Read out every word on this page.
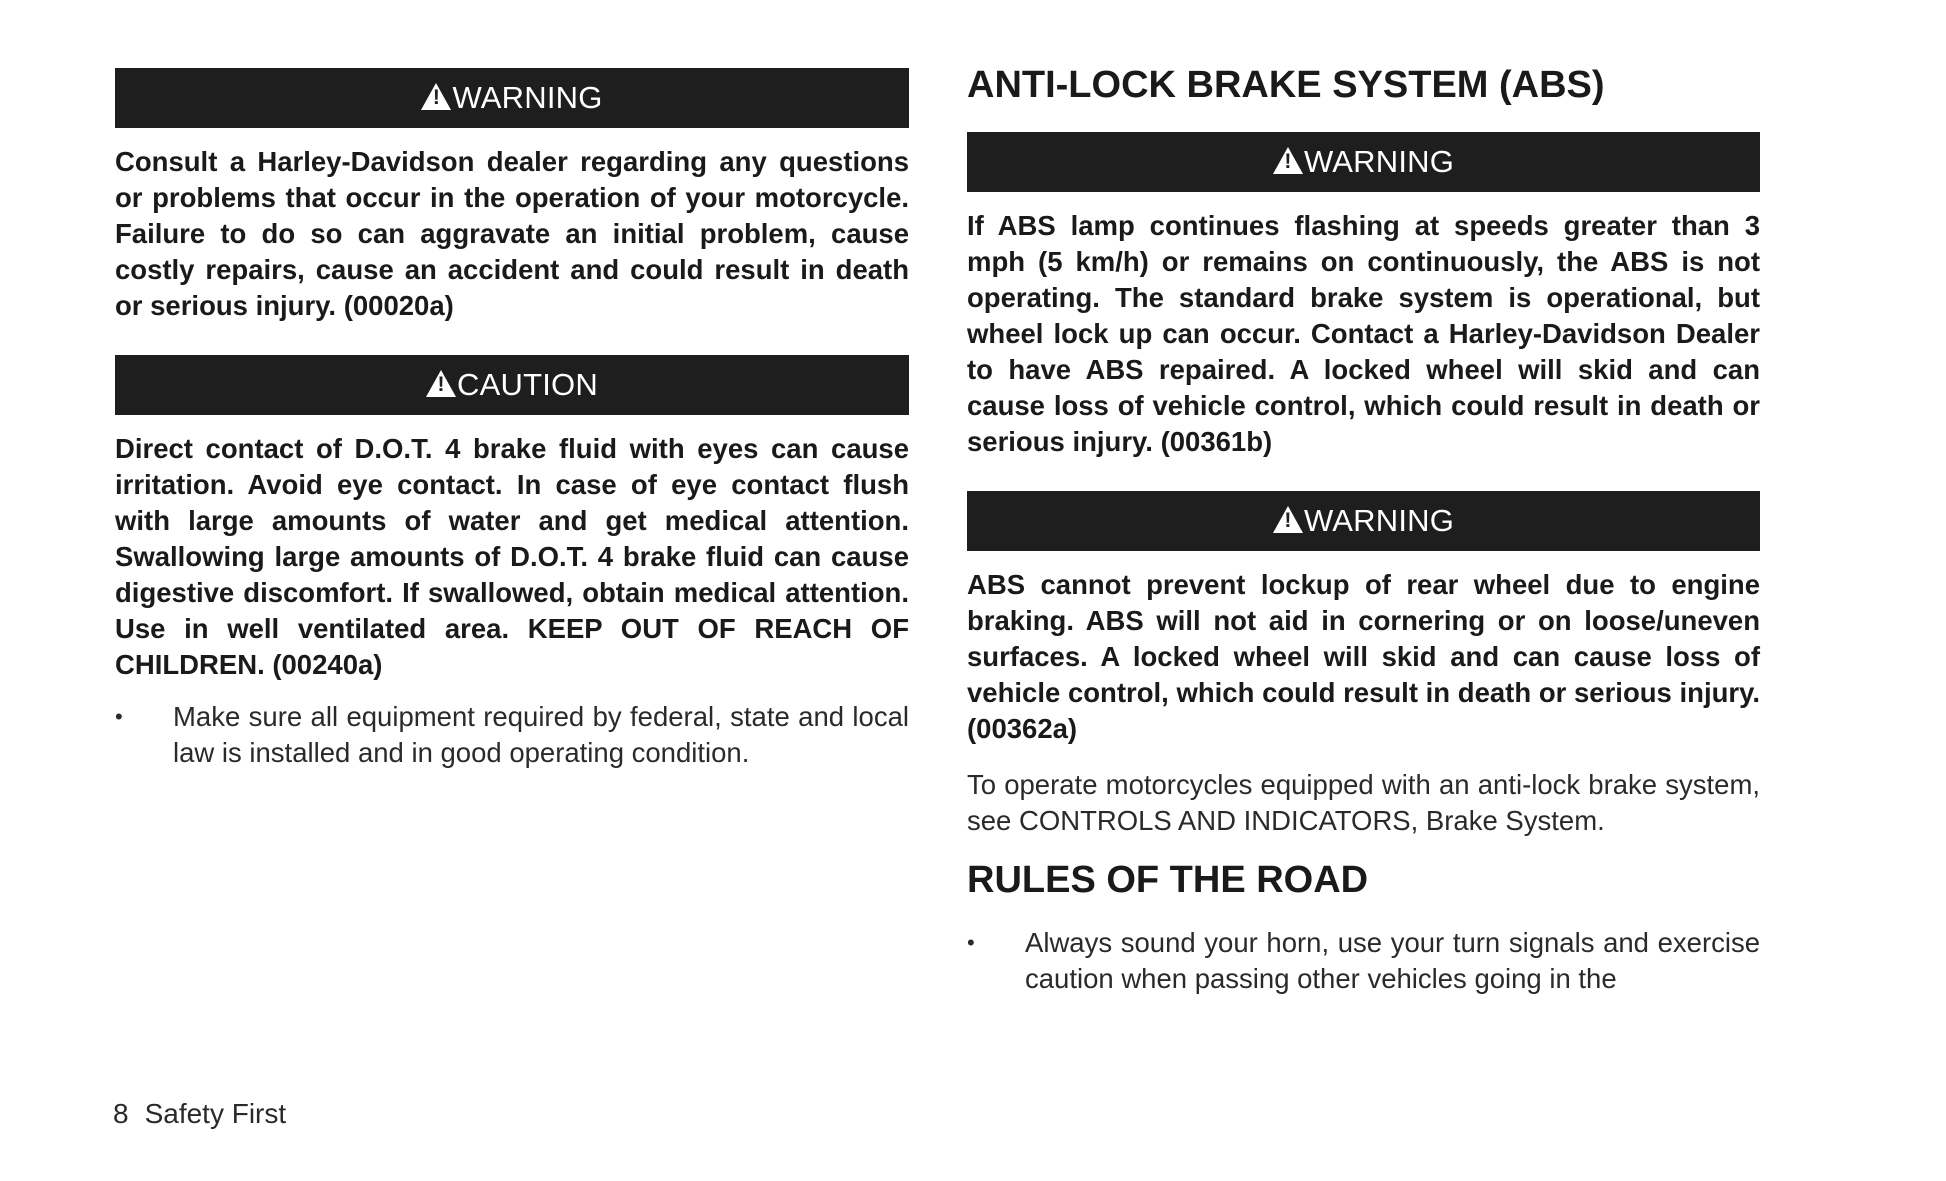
!
WARNING

Consult a Harley-Davidson dealer regarding any questions or problems that occur in the operation of your motorcycle. Failure to do so can aggravate an initial problem, cause costly repairs, cause an accident and could result in death or serious injury. (00020a)

!
CAUTION

Direct contact of D.O.T. 4 brake fluid with eyes can cause irritation. Avoid eye contact. In case of eye contact flush with large amounts of water and get medical attention. Swallowing large amounts of D.O.T. 4 brake fluid can cause digestive discomfort. If swallowed, obtain medical attention. Use in well ventilated area. KEEP OUT OF REACH OF CHILDREN. (00240a)

•	Make sure all equipment required by federal, state and local law is installed and in good operating condition.
ANTI-LOCK BRAKE SYSTEM (ABS)
!
WARNING

If ABS lamp continues flashing at speeds greater than 3 mph (5 km/h) or remains on continuously, the ABS is not operating. The standard brake system is operational, but wheel lock up can occur. Contact a Harley-Davidson Dealer to have ABS repaired. A locked wheel will skid and can cause loss of vehicle control, which could result in death or serious injury. (00361b)

!
WARNING

ABS cannot prevent lockup of rear wheel due to engine braking. ABS will not aid in cornering or on loose/uneven surfaces. A locked wheel will skid and can cause loss of vehicle control, which could result in death or serious injury. (00362a)

To operate motorcycles equipped with an anti-lock brake system, see CONTROLS AND INDICATORS, Brake System.

RULES OF THE ROAD
•	Always sound your horn, use your turn signals and exercise caution when passing other vehicles going in the
8 Safety First
